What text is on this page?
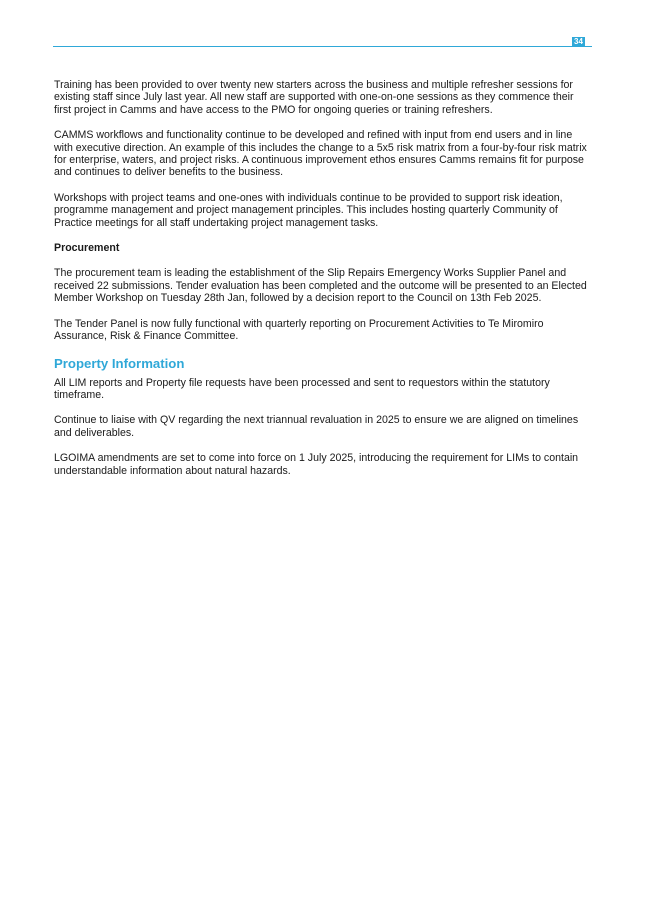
34

Training has been provided to over twenty new starters across the business and multiple refresher sessions for existing staff since July last year. All new staff are supported with one-on-one sessions as they commence their first project in Camms and have access to the PMO for ongoing queries or training refreshers.

CAMMS workflows and functionality continue to be developed and refined with input from end users and in line with executive direction. An example of this includes the change to a 5x5 risk matrix from a four-by-four risk matrix for enterprise, waters, and project risks. A continuous improvement ethos ensures Camms remains fit for purpose and continues to deliver benefits to the business.

Workshops with project teams and one-ones with individuals continue to be provided to support risk ideation, programme management and project management principles. This includes hosting quarterly Community of Practice meetings for all staff undertaking project management tasks.

Procurement

The procurement team is leading the establishment of the Slip Repairs Emergency Works Supplier Panel and received 22 submissions. Tender evaluation has been completed and the outcome will be presented to an Elected Member Workshop on Tuesday 28th Jan, followed by a decision report to the Council on 13th Feb 2025.

The Tender Panel is now fully functional with quarterly reporting on Procurement Activities to Te Miromiro Assurance, Risk & Finance Committee.

Property Information

All LIM reports and Property file requests have been processed and sent to requestors within the statutory timeframe.

Continue to liaise with QV regarding the next triannual revaluation in 2025 to ensure we are aligned on timelines and deliverables.

LGOIMA amendments are set to come into force on 1 July 2025, introducing the requirement for LIMs to contain understandable information about natural hazards.
